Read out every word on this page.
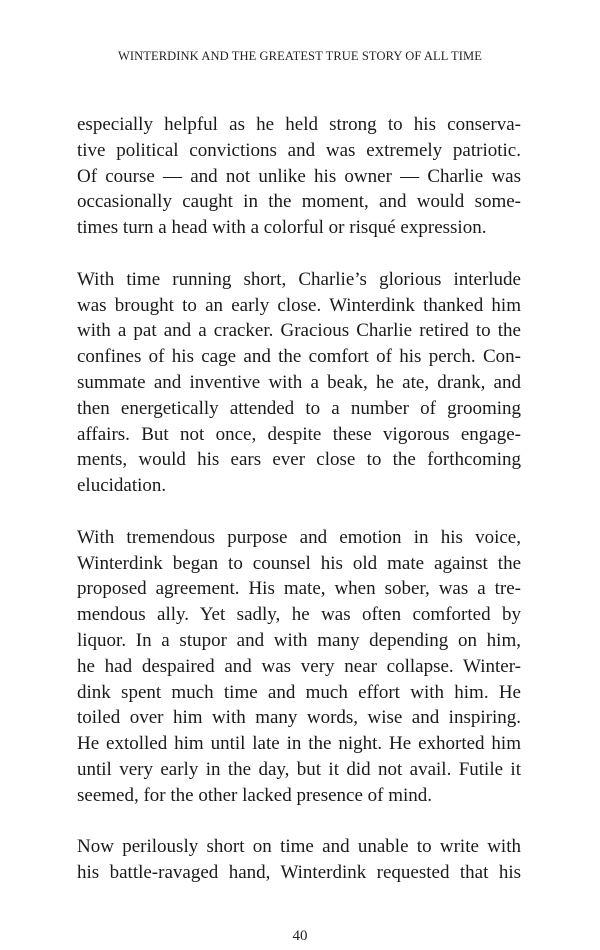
WINTERDINK AND THE GREATEST TRUE STORY OF ALL TIME

especially helpful as he held strong to his conserva-
tive political convictions and was extremely patriotic.
Of course — and not unlike his owner — Charlie was
occasionally caught in the moment, and would some-
times turn a head with a colorful or risqué expression.

With time running short, Charlie’s glorious interlude
was brought to an early close. Winterdink thanked him
with a pat and a cracker. Gracious Charlie retired to the
confines of his cage and the comfort of his perch. Con-
summate and inventive with a beak, he ate, drank, and
then energetically attended to a number of grooming
affairs. But not once, despite these vigorous engage-
ments, would his ears ever close to the forthcoming
elucidation.

With tremendous purpose and emotion in his voice,
Winterdink began to counsel his old mate against the
proposed agreement. His mate, when sober, was a tre-
mendous ally. Yet sadly, he was often comforted by
liquor. In a stupor and with many depending on him,
he had despaired and was very near collapse. Winter-
dink spent much time and much effort with him. He
toiled over him with many words, wise and inspiring.
He extolled him until late in the night. He exhorted him
until very early in the day, but it did not avail. Futile it
seemed, for the other lacked presence of mind.

Now perilously short on time and unable to write with
his battle-ravaged hand, Winterdink requested that his

40
